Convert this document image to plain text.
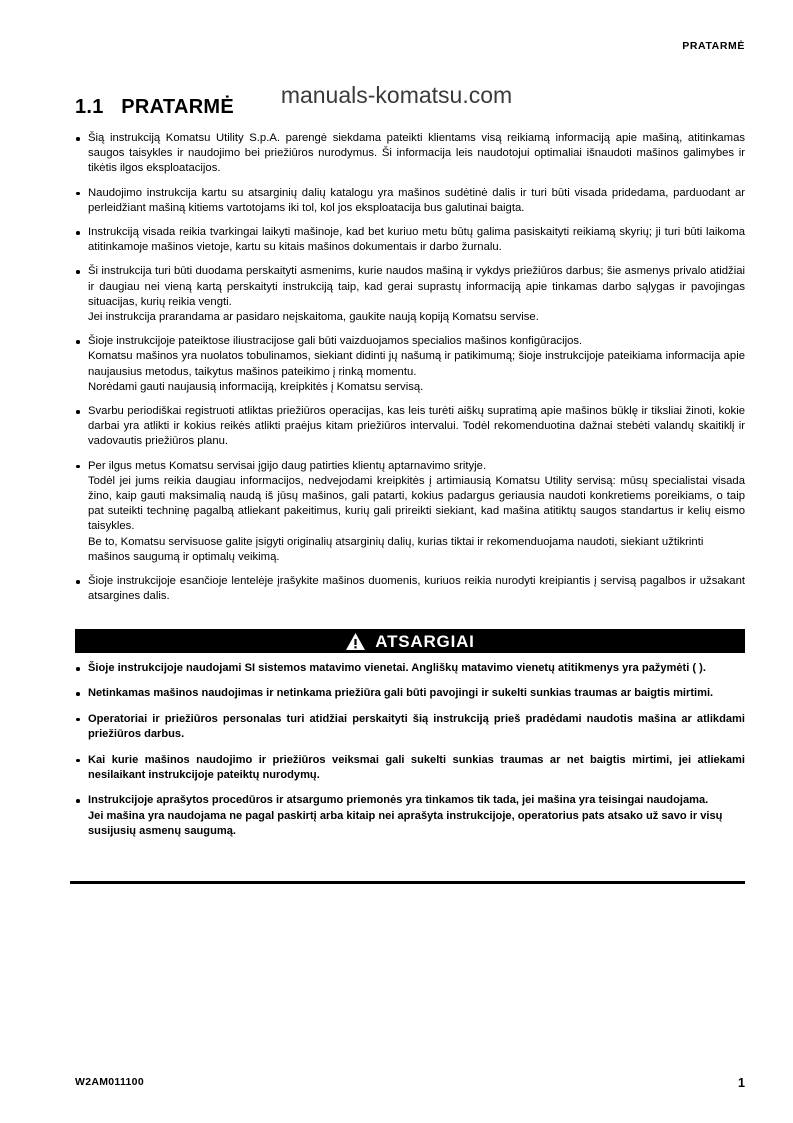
PRATARMĖ
manuals-komatsu.com
1.1   PRATARMĖ

Šią instrukciją Komatsu Utility S.p.A. parengė siekdama pateikti klientams visą reikiamą informaciją apie mašiną, atitinkamas saugos taisykles ir naudojimo bei priežiūros nurodymus. Ši informacija leis naudotojui optimaliai išnaudoti mašinos galimybes ir tikėtis ilgos eksploatacijos.

Naudojimo instrukcija kartu su atsarginių dalių katalogu yra mašinos sudėtinė dalis ir turi būti visada pridedama, parduodant ar perleidžiant mašiną kitiems vartotojams iki tol, kol jos eksploatacija bus galutinai baigta.

Instrukciją visada reikia tvarkingai laikyti mašinoje, kad bet kuriuo metu būtų galima pasiskaityti reikiamą skyrių; ji turi būti laikoma atitinkamoje mašinos vietoje, kartu su kitais mašinos dokumentais ir darbo žurnalu.

Ši instrukcija turi būti duodama perskaityti asmenims, kurie naudos mašiną ir vykdys priežiūros darbus; šie asmenys privalo atidžiai ir daugiau nei vieną kartą perskaityti instrukciją taip, kad gerai suprastų informaciją apie tinkamas darbo sąlygas ir pavojingas situacijas, kurių reikia vengti.

Jei instrukcija prarandama ar pasidaro neįskaitoma, gaukite naują kopiją Komatsu servise.

Šioje instrukcijoje pateiktose iliustracijose gali būti vaizduojamos specialios mašinos konfigūracijos.

Komatsu mašinos yra nuolatos tobulinamos, siekiant didinti jų našumą ir patikimumą; šioje instrukcijoje pateikiama informacija apie naujausius metodus, taikytus mašinos pateikimo į rinką momentu.

Norėdami gauti naujausią informaciją, kreipkitės į Komatsu servisą.

Svarbu periodiškai registruoti atliktas priežiūros operacijas, kas leis turėti aiškų supratimą apie mašinos būklę ir tiksliai žinoti, kokie darbai yra atlikti ir kokius reikės atlikti praėjus kitam priežiūros intervalui. Todėl rekomenduotina dažnai stebėti valandų skaitiklį ir vadovautis priežiūros planu.

Per ilgus metus Komatsu servisai įgijo daug patirties klientų aptarnavimo srityje.

Todėl jei jums reikia daugiau informacijos, nedvejodami kreipkitės į artimiausią Komatsu Utility servisą: mūsų specialistai visada žino, kaip gauti maksimalią naudą iš jūsų mašinos, gali patarti, kokius padargus geriausia naudoti konkretiems poreikiams, o taip pat suteikti techninę pagalbą atliekant pakeitimus, kurių gali prireikti siekiant, kad mašina atitiktų saugos standartus ir kelių eismo taisykles.

Be to, Komatsu servisuose galite įsigyti originalių atsarginių dalių, kurias tiktai ir rekomenduojama naudoti, siekiant užtikrinti mašinos saugumą ir optimalų veikimą.

Šioje instrukcijoje esančioje lentelėje įrašykite mašinos duomenis, kuriuos reikia nurodyti kreipiantis į servisą pagalbos ir užsakant atsargines dalis.

ATSARGIAI

Šioje instrukcijoje naudojami SI sistemos matavimo vienetai. Angliškų matavimo vienetų atitikmenys yra pažymėti ( ).

Netinkamas mašinos naudojimas ir netinkama priežiūra gali būti pavojingi ir sukelti sunkias traumas ar baigtis mirtimi.

Operatoriai ir priežiūros personalas turi atidžiai perskaityti šią instrukciją prieš pradėdami naudotis mašina ar atlikdami priežiūros darbus.

Kai kurie mašinos naudojimo ir priežiūros veiksmai gali sukelti sunkias traumas ar net baigtis mirtimi, jei atliekami nesilaikant instrukcijoje pateiktų nurodymų.

Instrukcijoje aprašytos procedūros ir atsargumo priemonės yra tinkamos tik tada, jei mašina yra teisingai naudojama.

Jei mašina yra naudojama ne pagal paskirtį arba kitaip nei aprašyta instrukcijoje, operatorius pats atsako už savo ir visų susijusių asmenų saugumą.

W2AM011100	1
